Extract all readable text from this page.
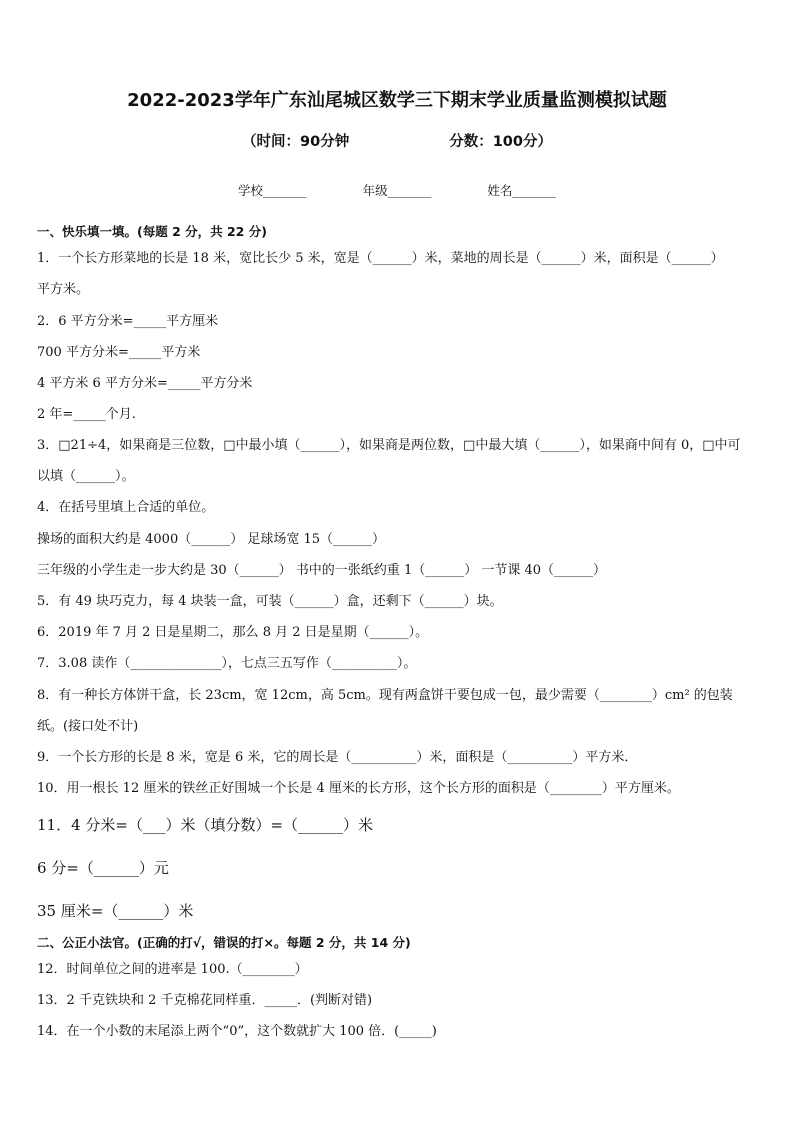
2022-2023学年广东汕尾城区数学三下期末学业质量监测模拟试题
（时间：90分钟	分数：100分）
学校_______	年级_______	姓名_______
一、快乐填一填。(每题 2 分，共 22 分)
1．一个长方形菜地的长是 18 米，宽比长少 5 米，宽是（______）米，菜地的周长是（______）米，面积是（______）
平方米。
2．6 平方分米=_____平方厘米
700 平方分米=_____平方米
4 平方米 6 平方分米=_____平方分米
2 年=_____个月.
3．□21÷4，如果商是三位数，□中最小填（______），如果商是两位数，□中最大填（______），如果商中间有 0，□中可
以填（______）。
4．在括号里填上合适的单位。
操场的面积大约是 4000（______） 足球场宽 15（______）
三年级的小学生走一步大约是 30（______） 书中的一张纸约重 1（______） 一节课 40（______）
5．有 49 块巧克力，每 4 块装一盒，可装（______）盒，还剩下（______）块。
6．2019 年 7 月 2 日是星期二，那么 8 月 2 日是星期（______）。
7．3.08 读作（______________），七点三五写作（__________）。
8．有一种长方体饼干盒，长 23cm，宽 12cm，高 5cm。现有两盒饼干要包成一包，最少需要（________）cm² 的包装
纸。(接口处不计)
9．一个长方形的长是 8 米，宽是 6 米，它的周长是（__________）米，面积是（__________）平方米．
10．用一根长 12 厘米的铁丝正好围城一个长是 4 厘米的长方形，这个长方形的面积是（________）平方厘米。
11．4 分米=（___）米（填分数）=（______）米
6 分=（______）元
35 厘米=（______）米
二、公正小法官。(正确的打√，错误的打×。每题 2 分，共 14 分)
12．时间单位之间的进率是 100.（________）
13．2 千克铁块和 2 千克棉花同样重．_____．(判断对错)
14．在一个小数的末尾添上两个“0”，这个数就扩大 100 倍．(_____)
